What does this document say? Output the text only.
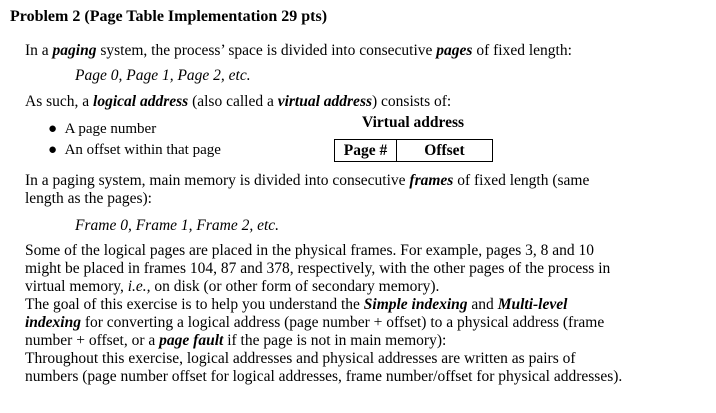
Problem 2 (Page Table Implementation 29 pts)
In a paging system, the process’ space is divided into consecutive pages of fixed length:
Page 0, Page 1, Page 2, etc.
As such, a logical address (also called a virtual address) consists of:
● A page number
● An offset within that page
Virtual address
Page #	Offset
In a paging system, main memory is divided into consecutive frames of fixed length (same
length as the pages):
Frame 0, Frame 1, Frame 2, etc.
Some of the logical pages are placed in the physical frames. For example, pages 3, 8 and 10
might be placed in frames 104, 87 and 378, respectively, with the other pages of the process in
virtual memory, i.e., on disk (or other form of secondary memory).
The goal of this exercise is to help you understand the Simple indexing and Multi-level
indexing for converting a logical address (page number + offset) to a physical address (frame
number + offset, or a page fault if the page is not in main memory):
Throughout this exercise, logical addresses and physical addresses are written as pairs of
numbers (page number offset for logical addresses, frame number/offset for physical addresses).
